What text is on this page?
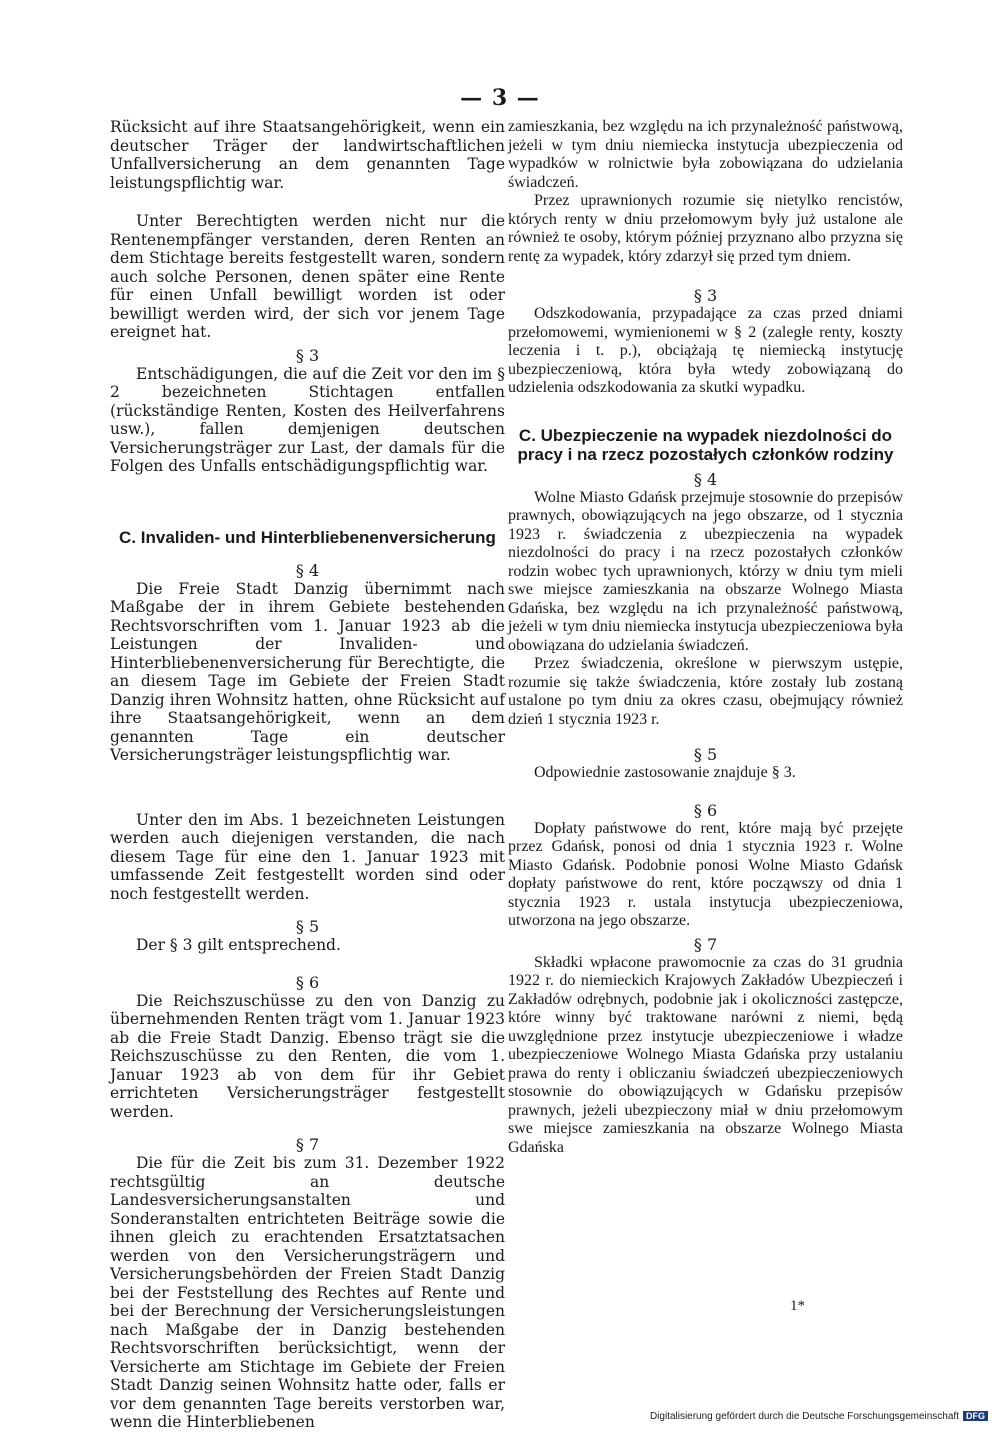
— 3 —

Rücksicht auf ihre Staatsangehörigkeit, wenn ein deutscher Träger der landwirtschaftlichen Unfallversicherung an dem genannten Tage leistungspflichtig war.

Unter Berechtigten werden nicht nur die Rentenempfänger verstanden, deren Renten an dem Stichtage bereits festgestellt waren, sondern auch solche Personen, denen später eine Rente für einen Unfall bewilligt worden ist oder bewilligt werden wird, der sich vor jenem Tage ereignet hat.

§ 3

Entschädigungen, die auf die Zeit vor den im § 2 bezeichneten Stichtagen entfallen (rückständige Renten, Kosten des Heilverfahrens usw.), fallen demjenigen deutschen Versicherungsträger zur Last, der damals für die Folgen des Unfalls entschädigungspflichtig war.

C. Invaliden- und Hinterbliebenenversicherung
§ 4

Die Freie Stadt Danzig übernimmt nach Maßgabe der in ihrem Gebiete bestehenden Rechtsvorschriften vom 1. Januar 1923 ab die Leistungen der Invaliden- und Hinterbliebenenversicherung für Berechtigte, die an diesem Tage im Gebiete der Freien Stadt Danzig ihren Wohnsitz hatten, ohne Rücksicht auf ihre Staatsangehörigkeit, wenn an dem genannten Tage ein deutscher Versicherungsträger leistungspflichtig war.

Unter den im Abs. 1 bezeichneten Leistungen werden auch diejenigen verstanden, die nach diesem Tage für eine den 1. Januar 1923 mit umfassende Zeit festgestellt worden sind oder noch festgestellt werden.

§ 5

Der § 3 gilt entsprechend.

§ 6

Die Reichszuschüsse zu den von Danzig zu übernehmenden Renten trägt vom 1. Januar 1923 ab die Freie Stadt Danzig. Ebenso trägt sie die Reichszuschüsse zu den Renten, die vom 1. Januar 1923 ab von dem für ihr Gebiet errichteten Versicherungsträger festgestellt werden.

§ 7

Die für die Zeit bis zum 31. Dezember 1922 rechtsgültig an deutsche Landesversicherungsanstalten und Sonderanstalten entrichteten Beiträge sowie die ihnen gleich zu erachtenden Ersatztatsachen werden von den Versicherungsträgern und Versicherungsbehörden der Freien Stadt Danzig bei der Feststellung des Rechtes auf Rente und bei der Berechnung der Versicherungsleistungen nach Maßgabe der in Danzig bestehenden Rechtsvorschriften berücksichtigt, wenn der Versicherte am Stichtage im Gebiete der Freien Stadt Danzig seinen Wohnsitz hatte oder, falls er vor dem genannten Tage bereits verstorben war, wenn die Hinterbliebenen

zamieszkania, bez względu na ich przynależność państwową, jeżeli w tym dniu niemiecka instytucja ubezpieczenia od wypadków w rolnictwie była zobowiązana do udzielania świadczeń.

Przez uprawnionych rozumie się nietylko rencistów, których renty w dniu przełomowym były już ustalone ale również te osoby, którym później przyznano albo przyzna się rentę za wypadek, który zdarzył się przed tym dniem.

§ 3

Odszkodowania, przypadające za czas przed dniami przełomowemi, wymienionemi w § 2 (zaległe renty, koszty leczenia i t. p.), obciążają tę niemiecką instytucję ubezpieczeniową, która była wtedy zobowiązaną do udzielenia odszkodowania za skutki wypadku.

C. Ubezpieczenie na wypadek niezdolności do pracy i na rzecz pozostałych członków rodziny
§ 4

Wolne Miasto Gdańsk przejmuje stosownie do przepisów prawnych, obowiązujących na jego obszarze, od 1 stycznia 1923 r. świadczenia z ubezpieczenia na wypadek niezdolności do pracy i na rzecz pozostałych członków rodzin wobec tych uprawnionych, którzy w dniu tym mieli swe miejsce zamieszkania na obszarze Wolnego Miasta Gdańska, bez względu na ich przynależność państwową, jeżeli w tym dniu niemiecka instytucja ubezpieczeniowa była obowiązana do udzielania świadczeń.

Przez świadczenia, określone w pierwszym ustępie, rozumie się także świadczenia, które zostały lub zostaną ustalone po tym dniu za okres czasu, obejmujący również dzień 1 stycznia 1923 r.

§ 5

Odpowiednie zastosowanie znajduje § 3.

§ 6

Dopłaty państwowe do rent, które mają być przejęte przez Gdańsk, ponosi od dnia 1 stycznia 1923 r. Wolne Miasto Gdańsk. Podobnie ponosi Wolne Miasto Gdańsk dopłaty państwowe do rent, które począwszy od dnia 1 stycznia 1923 r. ustala instytucja ubezpieczeniowa, utworzona na jego obszarze.

§ 7

Składki wpłacone prawomocnie za czas do 31 grudnia 1922 r. do niemieckich Krajowych Zakładów Ubezpieczeń i Zakładów odrębnych, podobnie jak i okoliczności zastępcze, które winny być traktowane narówni z niemi, będą uwzględnione przez instytucje ubezpieczeniowe i władze ubezpieczeniowe Wolnego Miasta Gdańska przy ustalaniu prawa do renty i obliczaniu świadczeń ubezpieczeniowych stosownie do obowiązujących w Gdańsku przepisów prawnych, jeżeli ubezpieczony miał w dniu przełomowym swe miejsce zamieszkania na obszarze Wolnego Miasta Gdańska

1*
Digitalisierung gefördert durch die Deutsche Forschungsgemeinschaft DFG
